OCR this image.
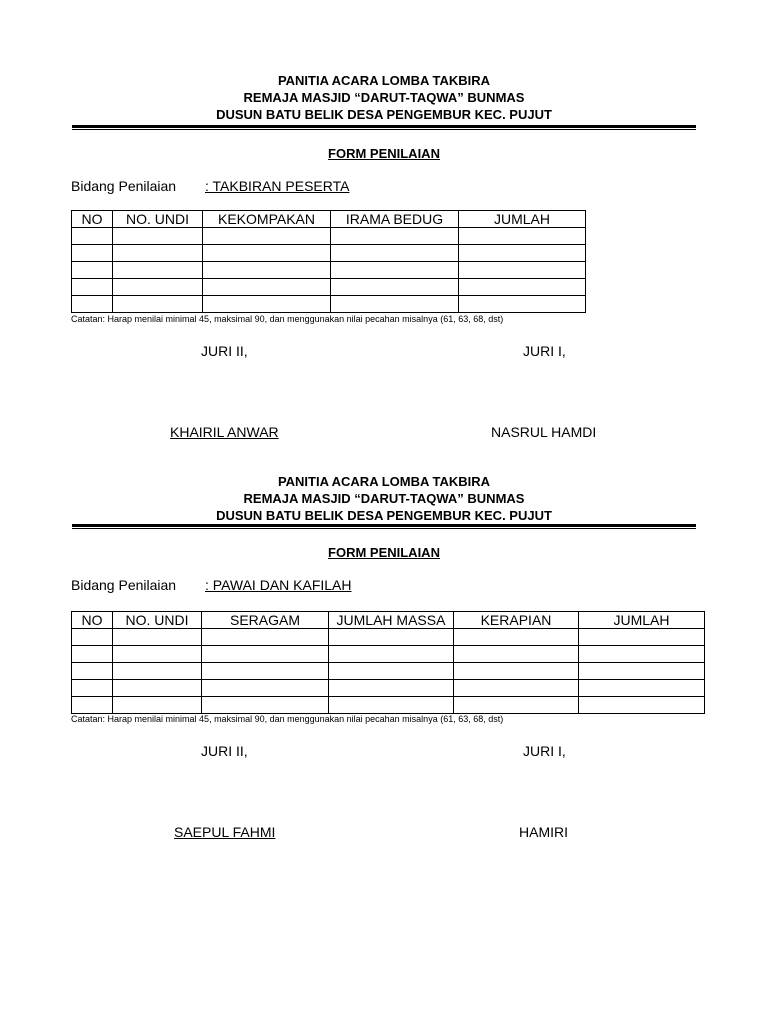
PANITIA ACARA LOMBA TAKBIRA
REMAJA MASJID “DARUT-TAQWA” BUNMAS
DUSUN BATU BELIK DESA PENGEMBUR KEC. PUJUT
FORM PENILAIAN
Bidang Penilaian : TAKBIRAN PESERTA
NO	NO. UNDI	KEKOMPAKAN	IRAMA BEDUG	JUMLAH

Catatan: Harap menilai minimal 45, maksimal 90, dan menggunakan nilai pecahan misalnya (61, 63, 68, dst)
JURI II,	JURI I,
KHAIRIL ANWAR	NASRUL HAMDI
PANITIA ACARA LOMBA TAKBIRA
REMAJA MASJID “DARUT-TAQWA” BUNMAS
DUSUN BATU BELIK DESA PENGEMBUR KEC. PUJUT
FORM PENILAIAN
Bidang Penilaian : PAWAI DAN KAFILAH
NO	NO. UNDI	SERAGAM	JUMLAH MASSA	KERAPIAN	JUMLAH

Catatan: Harap menilai minimal 45, maksimal 90, dan menggunakan nilai pecahan misalnya (61, 63, 68, dst)
JURI II,	JURI I,
SAEPUL FAHMI	HAMIRI
